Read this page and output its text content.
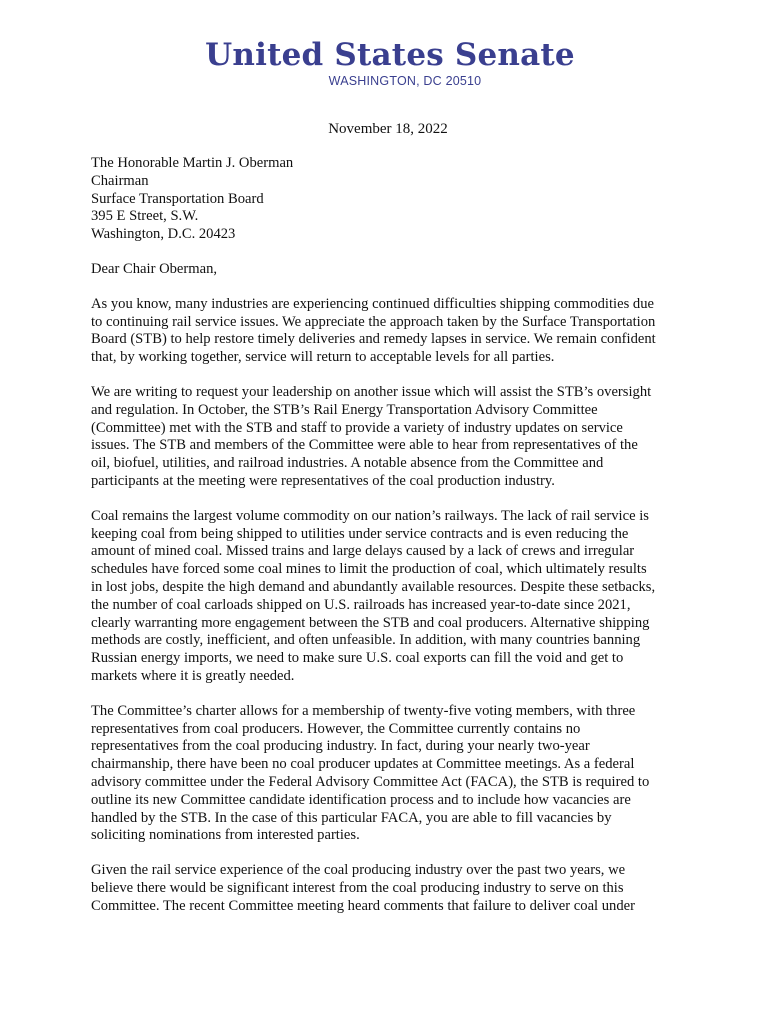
United States Senate
WASHINGTON, DC 20510
November 18, 2022
The Honorable Martin J. Oberman
Chairman
Surface Transportation Board
395 E Street, S.W.
Washington, D.C. 20423
Dear Chair Oberman,
As you know, many industries are experiencing continued difficulties shipping commodities due
to continuing rail service issues. We appreciate the approach taken by the Surface Transportation
Board (STB) to help restore timely deliveries and remedy lapses in service. We remain confident
that, by working together, service will return to acceptable levels for all parties.
We are writing to request your leadership on another issue which will assist the STB’s oversight
and regulation. In October, the STB’s Rail Energy Transportation Advisory Committee
(Committee) met with the STB and staff to provide a variety of industry updates on service
issues. The STB and members of the Committee were able to hear from representatives of the
oil, biofuel, utilities, and railroad industries. A notable absence from the Committee and
participants at the meeting were representatives of the coal production industry.
Coal remains the largest volume commodity on our nation’s railways. The lack of rail service is
keeping coal from being shipped to utilities under service contracts and is even reducing the
amount of mined coal. Missed trains and large delays caused by a lack of crews and irregular
schedules have forced some coal mines to limit the production of coal, which ultimately results
in lost jobs, despite the high demand and abundantly available resources. Despite these setbacks,
the number of coal carloads shipped on U.S. railroads has increased year-to-date since 2021,
clearly warranting more engagement between the STB and coal producers. Alternative shipping
methods are costly, inefficient, and often unfeasible. In addition, with many countries banning
Russian energy imports, we need to make sure U.S. coal exports can fill the void and get to
markets where it is greatly needed.
The Committee’s charter allows for a membership of twenty-five voting members, with three
representatives from coal producers. However, the Committee currently contains no
representatives from the coal producing industry. In fact, during your nearly two-year
chairmanship, there have been no coal producer updates at Committee meetings. As a federal
advisory committee under the Federal Advisory Committee Act (FACA), the STB is required to
outline its new Committee candidate identification process and to include how vacancies are
handled by the STB. In the case of this particular FACA, you are able to fill vacancies by
soliciting nominations from interested parties.
Given the rail service experience of the coal producing industry over the past two years, we
believe there would be significant interest from the coal producing industry to serve on this
Committee. The recent Committee meeting heard comments that failure to deliver coal under
